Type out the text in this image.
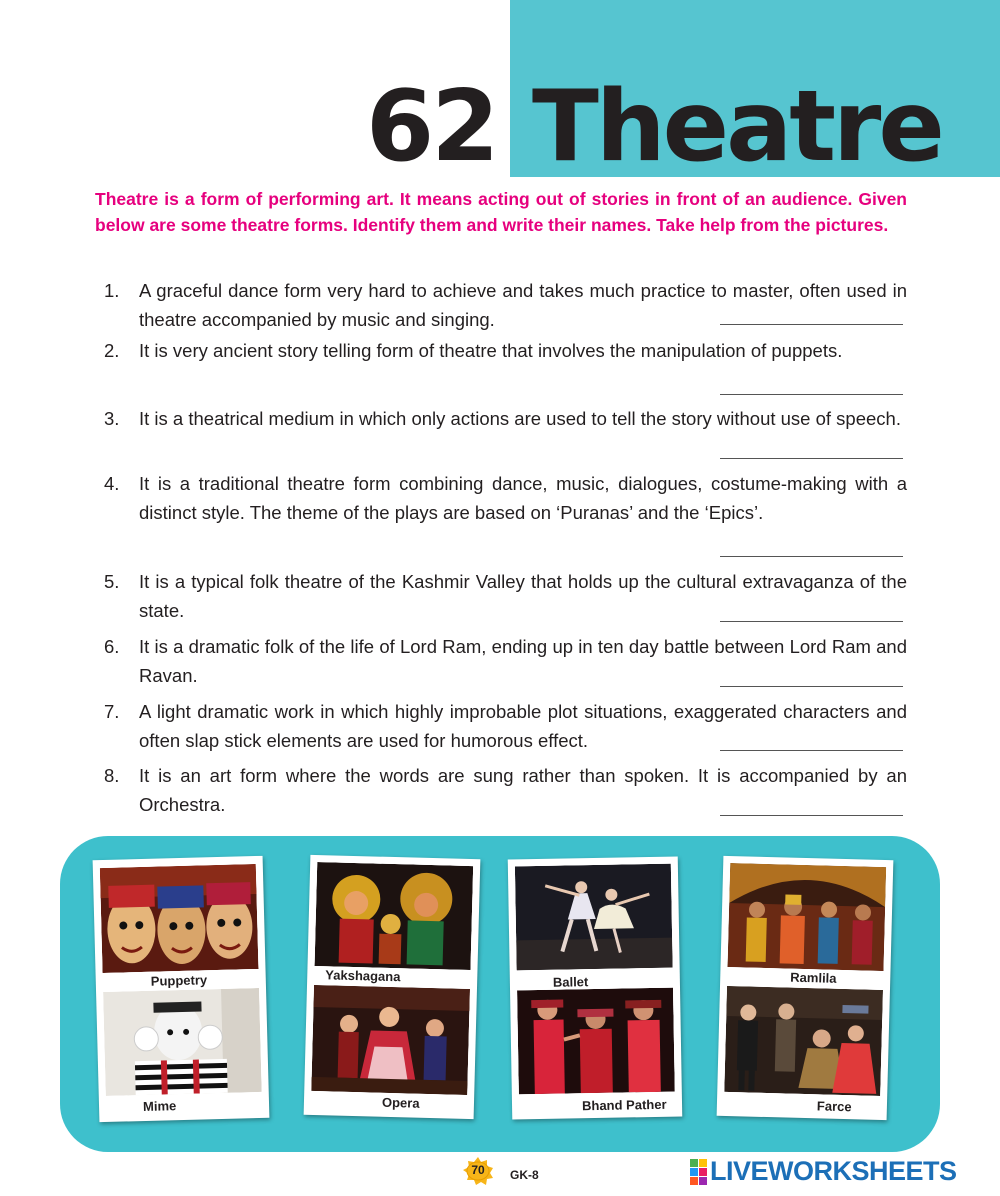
62 Theatre

Theatre is a form of performing art. It means acting out of stories in front of an audience. Given below are some theatre forms. Identify them and write their names. Take help from the pictures.

1.	A graceful dance form very hard to achieve and takes much practice to master, often used in theatre accompanied by music and singing.
2.	It is very ancient story telling form of theatre that involves the manipulation of puppets.
3.	It is a theatrical medium in which only actions are used to tell the story without use of speech.
4.	It is a traditional theatre form combining dance, music, dialogues, costume-making with a distinct style. The theme of the plays are based on ‘Puranas’ and the ‘Epics’.
5.	It is a typical folk theatre of the Kashmir Valley that holds up the cultural extravaganza of the state.
6.	It is a dramatic folk of the life of Lord Ram, ending up in ten day battle between Lord Ram and Ravan.
7.	A light dramatic work in which highly improbable plot situations, exaggerated characters and often slap stick elements are used for humorous effect.
8.	It is an art form where the words are sung rather than spoken. It is accompanied by an Orchestra.
Puppetry
Mime
Yakshagana
Opera
Ballet
Bhand Pather
Ramlila
Farce
70	GK-8	LIVEWORKSHEETS
